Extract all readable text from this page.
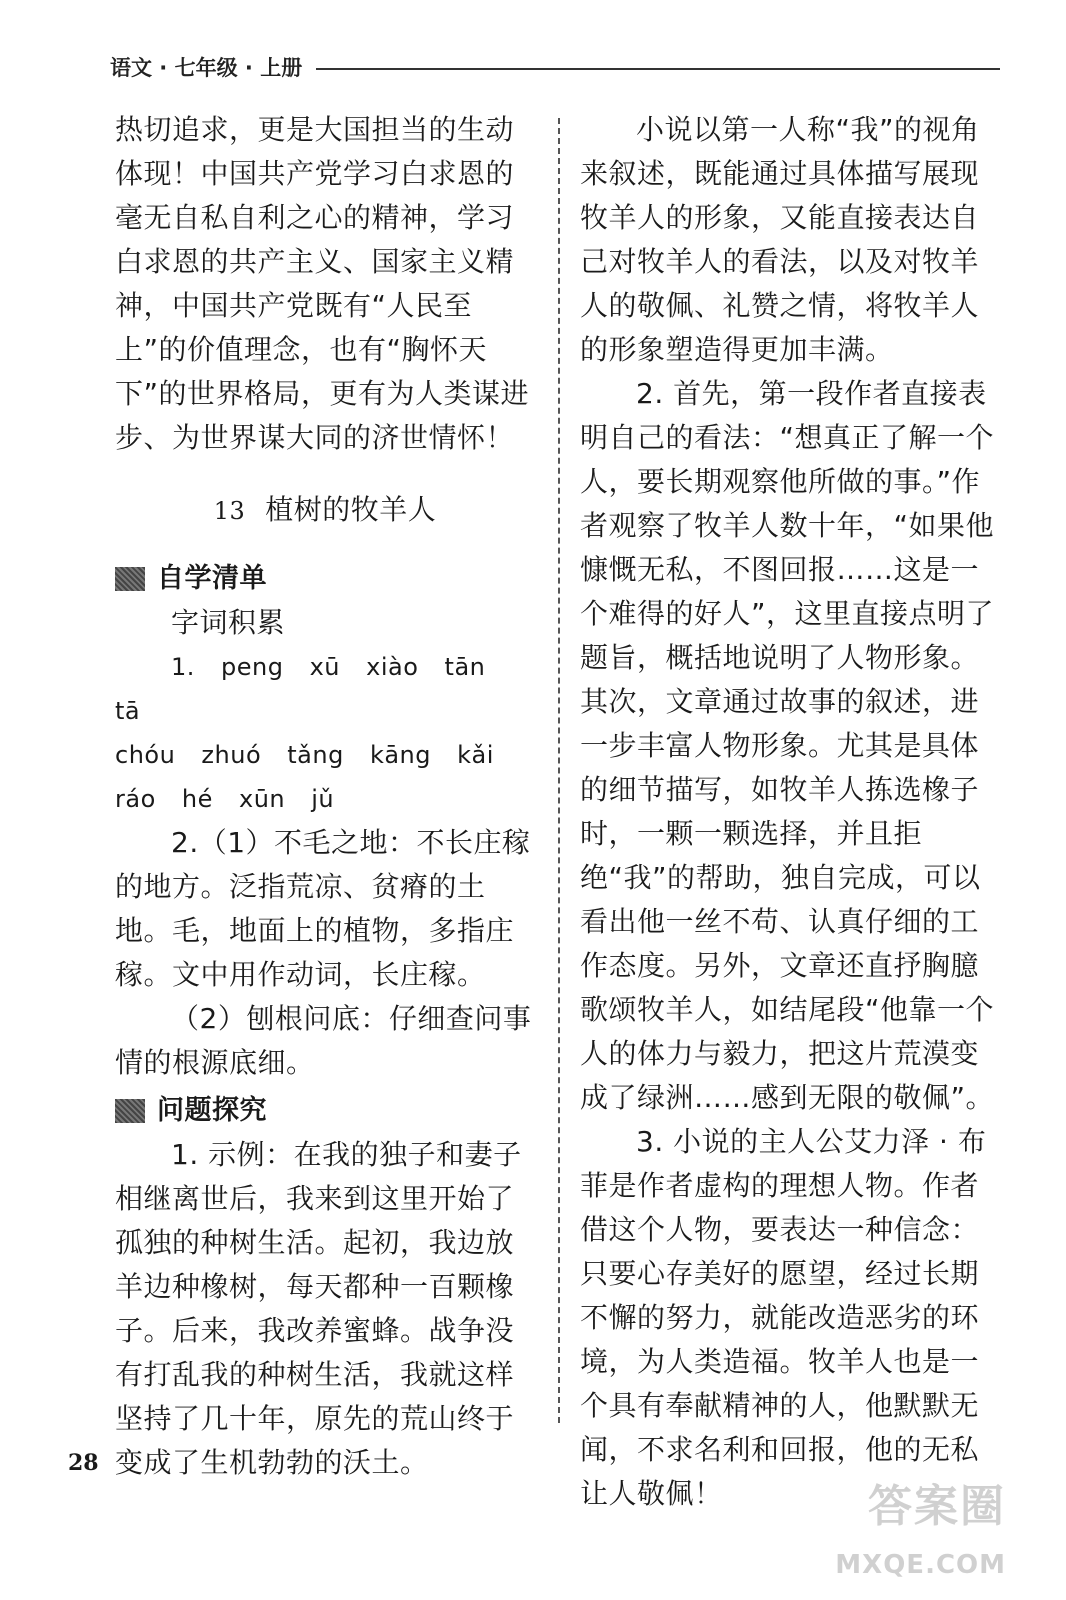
语文 · 七年级 · 上册

热切追求，更是大国担当的生动体现！中国共产党学习白求恩的毫无自私自利之心的精神，学习白求恩的共产主义、国家主义精神，中国共产党既有“人民至上”的价值理念，也有“胸怀天下”的世界格局，更有为人类谋进步、为世界谋大同的济世情怀！

13 植树的牧羊人
自学清单

字词积累

1. peng xū xiào tān tā

chóu zhuó tǎng kāng kǎi

ráo hé xūn jǔ

2.（1）不毛之地：不长庄稼的地方。泛指荒凉、贫瘠的土地。毛，地面上的植物，多指庄稼。文中用作动词，长庄稼。

（2）刨根问底：仔细查问事情的根源底细。

问题探究

1. 示例：在我的独子和妻子相继离世后，我来到这里开始了孤独的种树生活。起初，我边放羊边种橡树，每天都种一百颗橡子。后来，我改养蜜蜂。战争没有打乱我的种树生活，我就这样坚持了几十年，原先的荒山终于变成了生机勃勃的沃土。

小说以第一人称“我”的视角来叙述，既能通过具体描写展现牧羊人的形象，又能直接表达自己对牧羊人的看法，以及对牧羊人的敬佩、礼赞之情，将牧羊人的形象塑造得更加丰满。

2. 首先，第一段作者直接表明自己的看法：“想真正了解一个人，要长期观察他所做的事。”作者观察了牧羊人数十年，“如果他慷慨无私，不图回报……这是一个难得的好人”，这里直接点明了题旨，概括地说明了人物形象。其次，文章通过故事的叙述，进一步丰富人物形象。尤其是具体的细节描写，如牧羊人拣选橡子时，一颗一颗选择，并且拒绝“我”的帮助，独自完成，可以看出他一丝不苟、认真仔细的工作态度。另外，文章还直抒胸臆歌颂牧羊人，如结尾段“他靠一个人的体力与毅力，把这片荒漠变成了绿洲……感到无限的敬佩”。

3. 小说的主人公艾力泽 · 布菲是作者虚构的理想人物。作者借这个人物，要表达一种信念：只要心存美好的愿望，经过长期不懈的努力，就能改造恶劣的环境，为人类造福。牧羊人也是一个具有奉献精神的人，他默默无闻，不求名利和回报，他的无私让人敬佩！

28
答案圈
MXQE.COM
